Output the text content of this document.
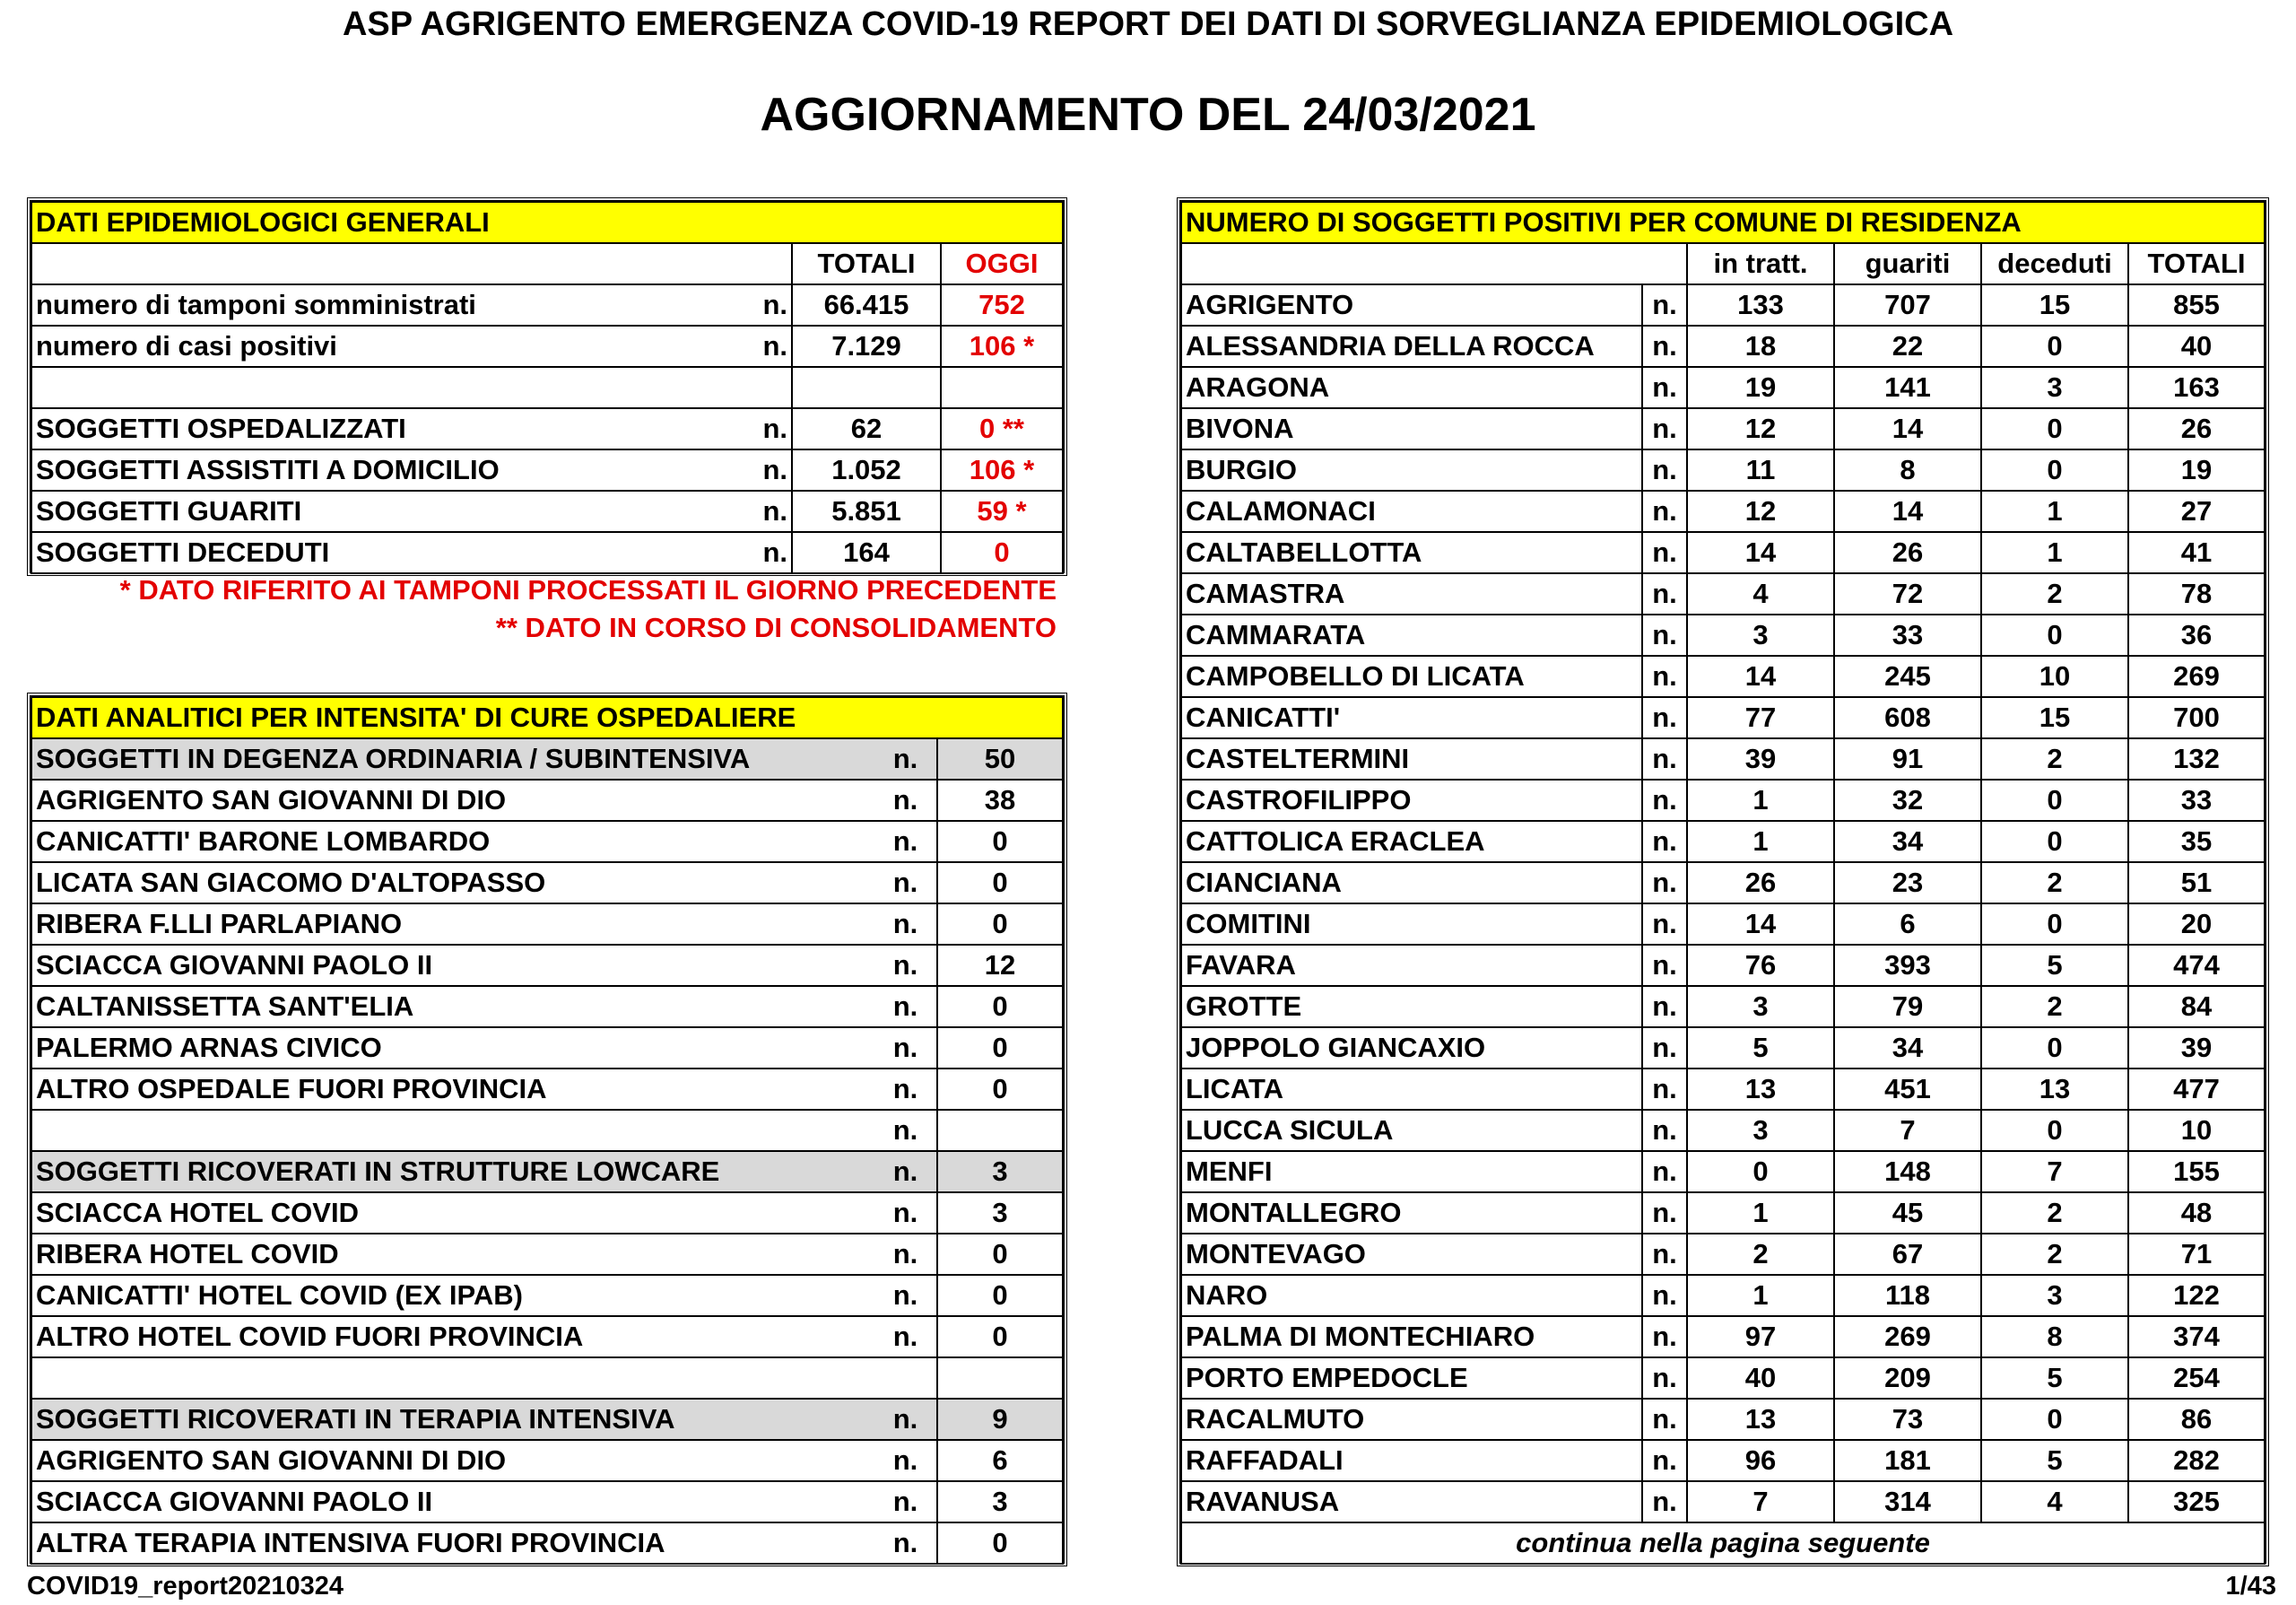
ASP AGRIGENTO EMERGENZA COVID-19 REPORT DEI DATI DI SORVEGLIANZA EPIDEMIOLOGICA
AGGIORNAMENTO DEL 24/03/2021
DATI EPIDEMIOLOGICI GENERALI			
		TOTALI	OGGI
numero di tamponi somministrati	n.	66.415	752
numero di casi positivi	n.	7.129	106 *

SOGGETTI OSPEDALIZZATI	n.	62	0 **
SOGGETTI ASSISTITI A DOMICILIO	n.	1.052	106 *
SOGGETTI GUARITI	n.	5.851	59 *
SOGGETTI DECEDUTI	n.	164	0
* DATO RIFERITO AI TAMPONI PROCESSATI IL GIORNO PRECEDENTE
** DATO IN CORSO DI CONSOLIDAMENTO
DATI ANALITICI PER INTENSITA' DI CURE OSPEDALIERE		
SOGGETTI IN DEGENZA ORDINARIA / SUBINTENSIVA	n.	50
AGRIGENTO SAN GIOVANNI DI DIO	n.	38
CANICATTI' BARONE LOMBARDO	n.	0
LICATA SAN GIACOMO D'ALTOPASSO	n.	0
RIBERA F.LLI PARLAPIANO	n.	0
SCIACCA GIOVANNI PAOLO II	n.	12
CALTANISSETTA SANT'ELIA	n.	0
PALERMO ARNAS CIVICO	n.	0
ALTRO OSPEDALE FUORI PROVINCIA	n.	0
	n.	
SOGGETTI RICOVERATI IN STRUTTURE LOWCARE	n.	3
SCIACCA HOTEL COVID	n.	3
RIBERA HOTEL COVID	n.	0
CANICATTI' HOTEL COVID (EX IPAB)	n.	0
ALTRO HOTEL COVID FUORI PROVINCIA	n.	0

SOGGETTI RICOVERATI IN TERAPIA INTENSIVA	n.	9
AGRIGENTO SAN GIOVANNI DI DIO	n.	6
SCIACCA GIOVANNI PAOLO II	n.	3
ALTRA TERAPIA INTENSIVA FUORI PROVINCIA	n.	0
NUMERO DI SOGGETTI POSITIVI PER COMUNE DI RESIDENZA					
		in tratt.	guariti	deceduti	TOTALI
AGRIGENTO	n.	133	707	15	855
ALESSANDRIA DELLA ROCCA	n.	18	22	0	40
ARAGONA	n.	19	141	3	163
BIVONA	n.	12	14	0	26
BURGIO	n.	11	8	0	19
CALAMONACI	n.	12	14	1	27
CALTABELLOTTA	n.	14	26	1	41
CAMASTRA	n.	4	72	2	78
CAMMARATA	n.	3	33	0	36
CAMPOBELLO DI LICATA	n.	14	245	10	269
CANICATTI'	n.	77	608	15	700
CASTELTERMINI	n.	39	91	2	132
CASTROFILIPPO	n.	1	32	0	33
CATTOLICA ERACLEA	n.	1	34	0	35
CIANCIANA	n.	26	23	2	51
COMITINI	n.	14	6	0	20
FAVARA	n.	76	393	5	474
GROTTE	n.	3	79	2	84
JOPPOLO GIANCAXIO	n.	5	34	0	39
LICATA	n.	13	451	13	477
LUCCA SICULA	n.	3	7	0	10
MENFI	n.	0	148	7	155
MONTALLEGRO	n.	1	45	2	48
MONTEVAGO	n.	2	67	2	71
NARO	n.	1	118	3	122
PALMA DI MONTECHIARO	n.	97	269	8	374
PORTO EMPEDOCLE	n.	40	209	5	254
RACALMUTO	n.	13	73	0	86
RAFFADALI	n.	96	181	5	282
RAVANUSA	n.	7	314	4	325
continua nella pagina seguente					
COVID19_report20210324	1/43
